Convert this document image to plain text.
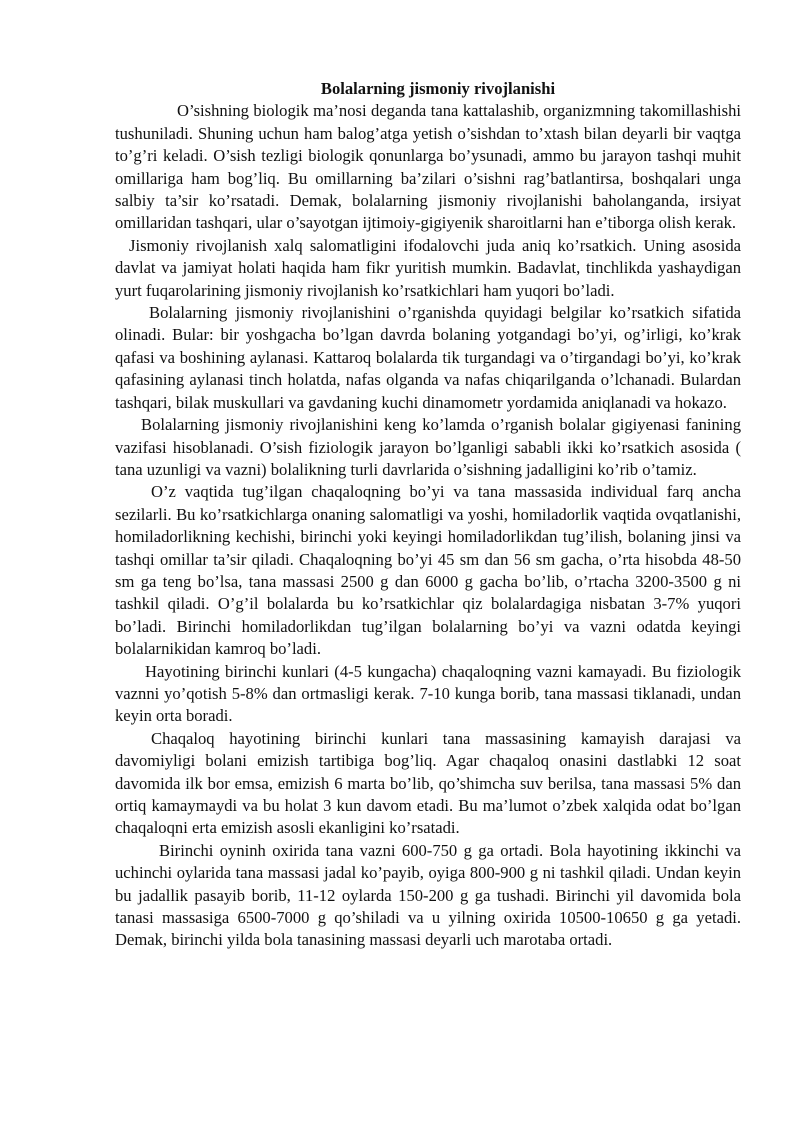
Bolalarning jismoniy rivojlanishi

O’sishning biologik ma’nosi deganda tana kattalashib, organizmning takomillashishi tushuniladi. Shuning uchun ham balog’atga yetish o’sishdan to’xtash bilan deyarli bir vaqtga to’g’ri keladi. O’sish tezligi biologik qonunlarga bo’ysunadi, ammo bu jarayon tashqi muhit omillariga ham bog’liq. Bu omillarning ba’zilari o’sishni rag’batlantirsa, boshqalari unga salbiy ta’sir ko’rsatadi. Demak, bolalarning jismoniy rivojlanishi baholanganda, irsiyat omillaridan tashqari, ular o’sayotgan ijtimoiy-gigiyenik sharoitlarni han e’tiborga olish kerak.

Jismoniy rivojlanish xalq salomatligini ifodalovchi juda aniq ko’rsatkich. Uning asosida davlat va jamiyat holati haqida ham fikr yuritish mumkin. Badavlat, tinchlikda yashaydigan yurt fuqarolarining jismoniy rivojlanish ko’rsatkichlari ham yuqori bo’ladi.

Bolalarning jismoniy rivojlanishini o’rganishda quyidagi belgilar ko’rsatkich sifatida olinadi. Bular: bir yoshgacha bo’lgan davrda bolaning yotgandagi bo’yi, og’irligi, ko’krak qafasi va boshining aylanasi. Kattaroq bolalarda tik turgandagi va o’tirgandagi bo’yi, ko’krak qafasining aylanasi tinch holatda, nafas olganda va nafas chiqarilganda o’lchanadi. Bulardan tashqari, bilak muskullari va gavdaning kuchi dinamometr yordamida aniqlanadi va hokazo.

Bolalarning jismoniy rivojlanishini keng ko’lamda o’rganish bolalar gigiyenasi fanining vazifasi hisoblanadi. O’sish fiziologik jarayon bo’lganligi sababli ikki ko’rsatkich asosida ( tana uzunligi va vazni) bolalikning turli davrlarida o’sishning jadalligini ko’rib o’tamiz.

O’z vaqtida tug’ilgan chaqaloqning bo’yi va tana massasida individual farq ancha sezilarli. Bu ko’rsatkichlarga onaning salomatligi va yoshi, homiladorlik vaqtida ovqatlanishi, homiladorlikning kechishi, birinchi yoki keyingi homiladorlikdan tug’ilish, bolaning jinsi va tashqi omillar ta’sir qiladi. Chaqaloqning bo’yi 45 sm dan 56 sm gacha, o’rta hisobda 48-50 sm ga teng bo’lsa, tana massasi 2500 g dan 6000 g gacha bo’lib, o’rtacha 3200-3500 g ni tashkil qiladi. O’g’il bolalarda bu ko’rsatkichlar qiz bolalardagiga nisbatan 3-7% yuqori bo’ladi. Birinchi homiladorlikdan tug’ilgan bolalarning bo’yi va vazni odatda keyingi bolalarnikidan kamroq bo’ladi.

Hayotining birinchi kunlari (4-5 kungacha) chaqaloqning vazni kamayadi. Bu fiziologik vaznni yo’qotish 5-8% dan ortmasligi kerak. 7-10 kunga borib, tana massasi tiklanadi, undan keyin orta boradi.

Chaqaloq hayotining birinchi kunlari tana massasining kamayish darajasi va davomiyligi bolani emizish tartibiga bog’liq. Agar chaqaloq onasini dastlabki 12 soat davomida ilk bor emsa, emizish 6 marta bo’lib, qo’shimcha suv berilsa, tana massasi 5% dan ortiq kamaymaydi va bu holat 3 kun davom etadi. Bu ma’lumot o’zbek xalqida odat bo’lgan chaqaloqni erta emizish asosli ekanligini ko’rsatadi.

Birinchi oyninh oxirida tana vazni 600-750 g ga ortadi. Bola hayotining ikkinchi va uchinchi oylarida tana massasi jadal ko’payib, oyiga 800-900 g ni tashkil qiladi. Undan keyin bu jadallik pasayib borib, 11-12 oylarda 150-200 g ga tushadi. Birinchi yil davomida bola tanasi massasiga 6500-7000 g qo’shiladi va u yilning oxirida 10500-10650 g ga yetadi. Demak, birinchi yilda bola tanasining massasi deyarli uch marotaba ortadi.
